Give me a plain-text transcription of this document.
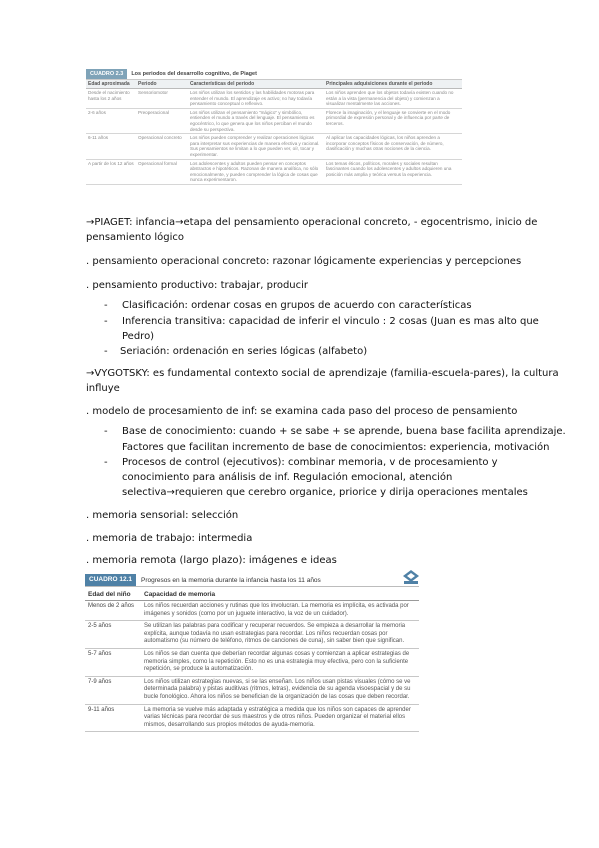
CUADRO 2.3	Los periodos del desarrollo cognitivo, de Piaget
Edad aproximada	Periodo	Características del periodo	Principales adquisiciones durante el periodo
Desde el nacimiento hasta los 2 años	Sensoriomotor	Los niños utilizan los sentidos y las habilidades motoras para entender el mundo. El aprendizaje es activo; no hay todavía pensamiento conceptual o reflexivo.	Los niños aprenden que los objetos todavía existen cuando no están a la vista (permanencia del objeto) y comienzan a visualizar mentalmente las acciones.
2-6 años	Preoperacional	Los niños utilizan el pensamiento "mágico" y simbólico, entienden el mundo a través del lenguaje. El pensamiento es egocéntrico, lo que genera que los niños perciban el mundo desde su perspectiva.	Florece la imaginación, y el lenguaje se convierte en el modo primordial de expresión personal y de influencia por parte de terceros.
6-11 años	Operacional concreto	Los niños pueden comprender y realizar operaciones lógicas para interpretar sus experiencias de manera efectiva y racional. Sus pensamientos se limitan a lo que pueden ver, oír, tocar y experimentar.	Al aplicar las capacidades lógicas, los niños aprenden a incorporar conceptos físicos de conservación, de número, clasificación y muchas otras nociones de la ciencia.
A partir de los 12 años	Operacional formal	Los adolescentes y adultos pueden pensar en conceptos abstractos e hipotéticos. Razonan de manera analítica, no sólo emocionalmente, y pueden comprender la lógica de cosas que nunca experimentaron.	Los temas éticos, políticos, morales y sociales resultan fascinantes cuando los adolescentes y adultos adquieren una posición más amplia y teórica versus la experiencia.
→PIAGET: infancia→etapa del pensamiento operacional concreto, - egocentrismo, inicio de
pensamiento lógico
. pensamiento operacional concreto: razonar lógicamente experiencias y percepciones
. pensamiento productivo: trabajar, producir
- Clasificación: ordenar cosas en grupos de acuerdo con características
- Inferencia transitiva: capacidad de inferir el vinculo : 2 cosas (Juan es mas alto que
Pedro)
- Seriación: ordenación en series lógicas (alfabeto)
→VYGOTSKY: es fundamental contexto social de aprendizaje (familia-escuela-pares), la cultura
influye
. modelo de procesamiento de inf: se examina cada paso del proceso de pensamiento
- Base de conocimiento: cuando + se sabe + se aprende, buena base facilita aprendizaje.
Factores que facilitan incremento de base de conocimientos: experiencia, motivación
- Procesos de control (ejecutivos): combinar memoria, v de procesamiento y
conocimiento para análisis de inf. Regulación emocional, atención
selectiva→requieren que cerebro organice, priorice y dirija operaciones mentales
. memoria sensorial: selección
. memoria de trabajo: intermedia
. memoria remota (largo plazo): imágenes e ideas
CUADRO 12.1	Progresos en la memoria durante la infancia hasta los 11 años
Edad del niño	Capacidad de memoria
Menos de 2 años	Los niños recuerdan acciones y rutinas que los involucran. La memoria es implícita, es activada por imágenes y sonidos (como por un juguete interactivo, la voz de un cuidador).
2-5 años	Se utilizan las palabras para codificar y recuperar recuerdos. Se empieza a desarrollar la memoria explícita, aunque todavía no usan estrategias para recordar. Los niños recuerdan cosas por automatismo (su número de teléfono, ritmos de canciones de cuna), sin saber bien que significan.
5-7 años	Los niños se dan cuenta que deberían recordar algunas cosas y comienzan a aplicar estrategias de memoria simples, como la repetición. Esto no es una estrategia muy efectiva, pero con la suficiente repetición, se produce la automatización.
7-9 años	Los niños utilizan estrategias nuevas, si se las enseñan. Los niños usan pistas visuales (cómo se ve determinada palabra) y pistas auditivas (ritmos, letras), evidencia de su agenda visoespacial y de su bucle fonológico. Ahora los niños se benefician de la organización de las cosas que deben recordar.
9-11 años	La memoria se vuelve más adaptada y estratégica a medida que los niños son capaces de aprender varias técnicas para recordar de sus maestros y de otros niños. Pueden organizar el material ellos mismos, desarrollando sus propios métodos de ayuda-memoria.
